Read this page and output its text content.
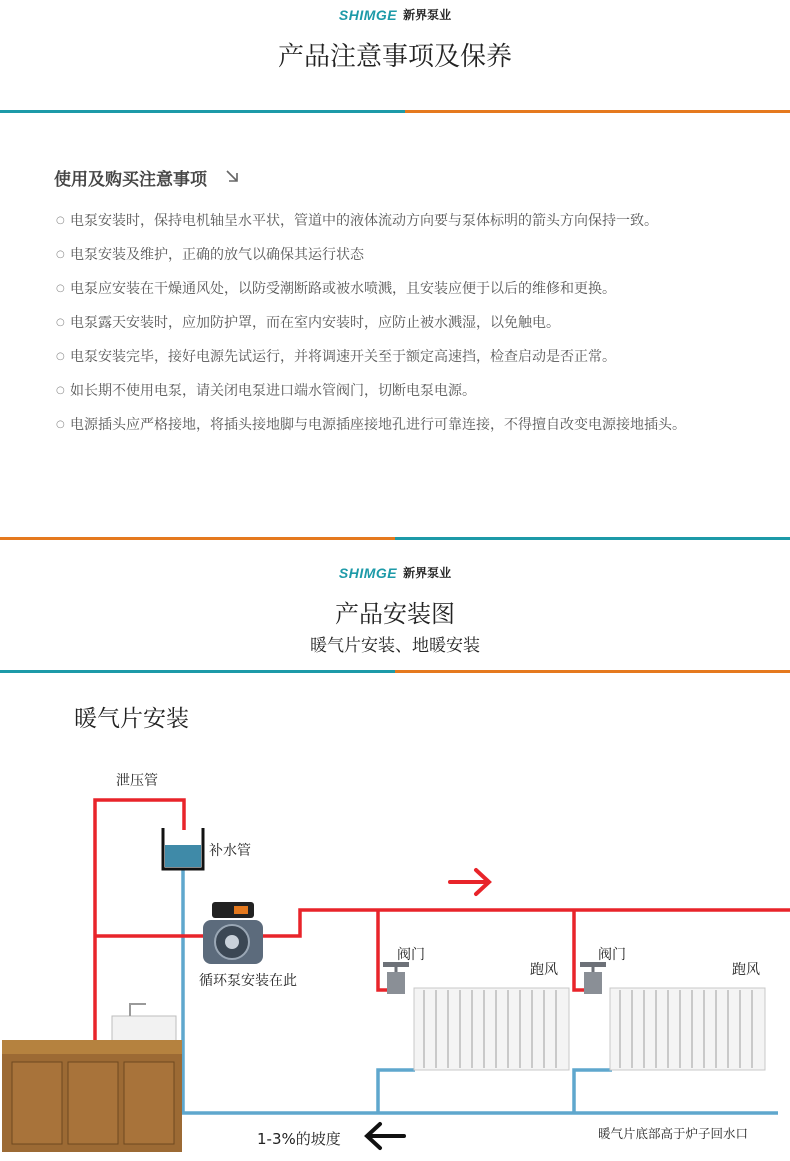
SHIMGE 新界泵业
产品注意事项及保养
使用及购买注意事项
○ 电泵安装时，保持电机轴呈水平状，管道中的液体流动方向要与泵体标明的箭头方向保持一致。
○ 电泵安装及维护，正确的放气以确保其运行状态
○ 电泵应安装在干燥通风处，以防受潮断路或被水喷溅，且安装应便于以后的维修和更换。
○ 电泵露天安装时，应加防护罩，而在室内安装时，应防止被水溅湿，以免触电。
○ 电泵安装完毕，接好电源先试运行，并将调速开关至于额定高速挡，检查启动是否正常。
○ 如长期不使用电泵，请关闭电泵进口端水管阀门，切断电泵电源。
○ 电源插头应严格接地，将插头接地脚与电源插座接地孔进行可靠连接，不得擅自改变电源接地插头。
SHIMGE 新界泵业
产品安装图
暖气片安装、地暖安装
暖气片安装
泄压管
补水管
循环泵安装在此
阀门	阀门
跑风	跑风
1-3%的坡度	暖气片底部高于炉子回水口
